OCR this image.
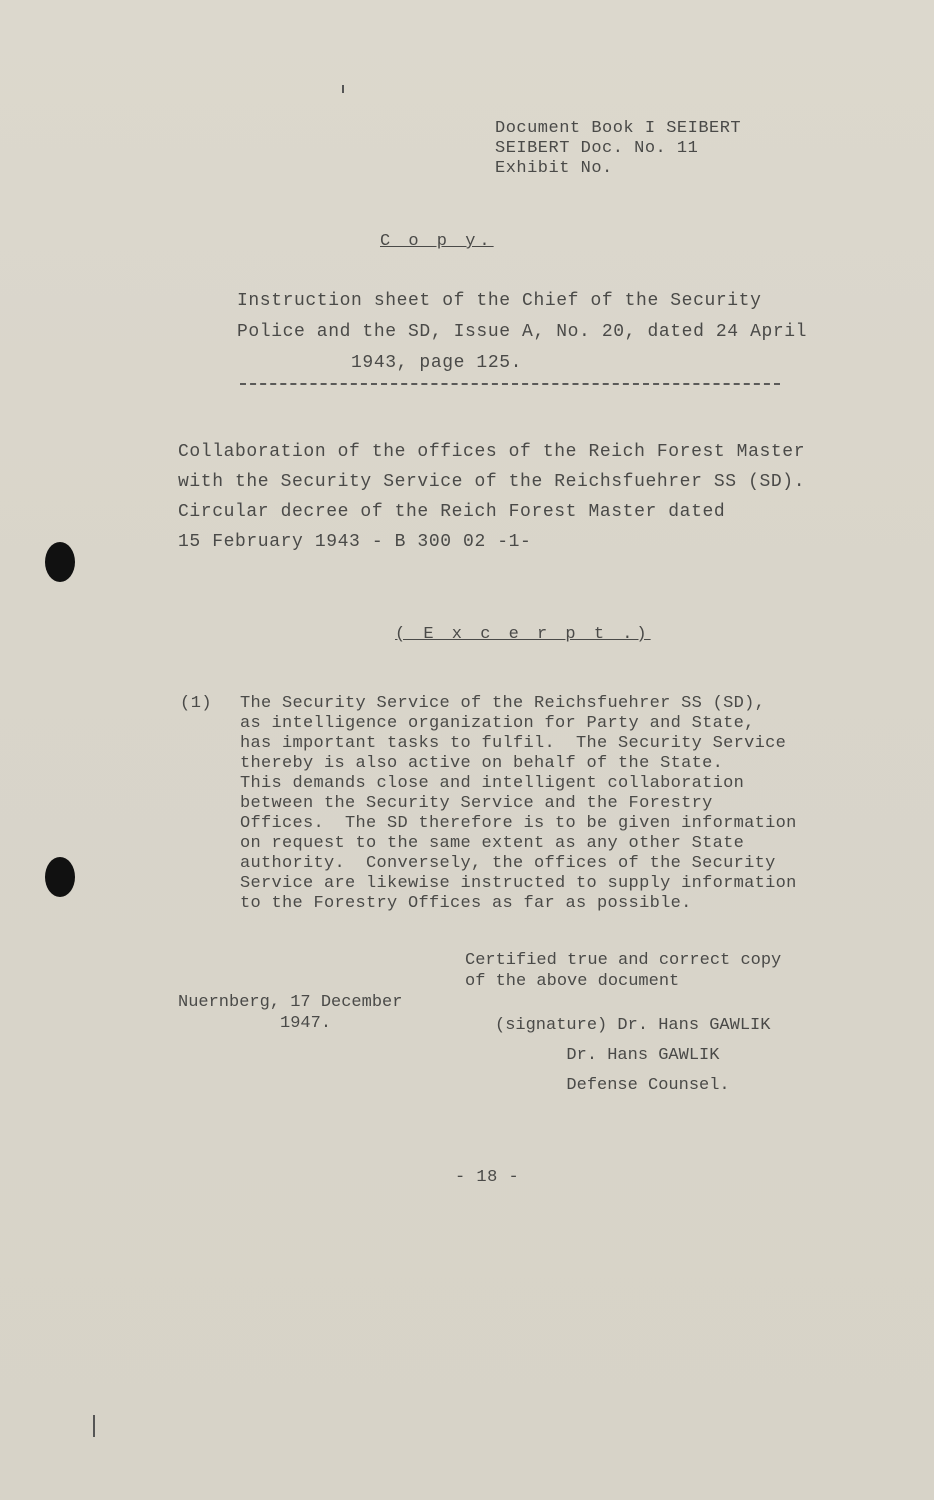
Document Book I SEIBERT
SEIBERT Doc. No. 11
Exhibit No.
C o p y.
Instruction sheet of the Chief of the Security
Police and the SD, Issue A, No. 20, dated 24 April
1943, page 125.
Collaboration of the offices of the Reich Forest Master
with the Security Service of the Reichsfuehrer SS (SD).
Circular decree of the Reich Forest Master dated
15 February 1943 - B 300 02 -1-
( E x c e r p t .)
(1) The Security Service of the Reichsfuehrer SS (SD),
as intelligence organization for Party and State,
has important tasks to fulfil.  The Security Service
thereby is also active on behalf of the State.
This demands close and intelligent collaboration
between the Security Service and the Forestry
Offices.  The SD therefore is to be given information
on request to the same extent as any other State
authority.  Conversely, the offices of the Security
Service are likewise instructed to supply information
to the Forestry Offices as far as possible.
Certified true and correct copy
of the above document
Nuernberg, 17 December
1947.	(signature) Dr. Hans GAWLIK
Dr. Hans GAWLIK
Defense Counsel.
- 18 -
